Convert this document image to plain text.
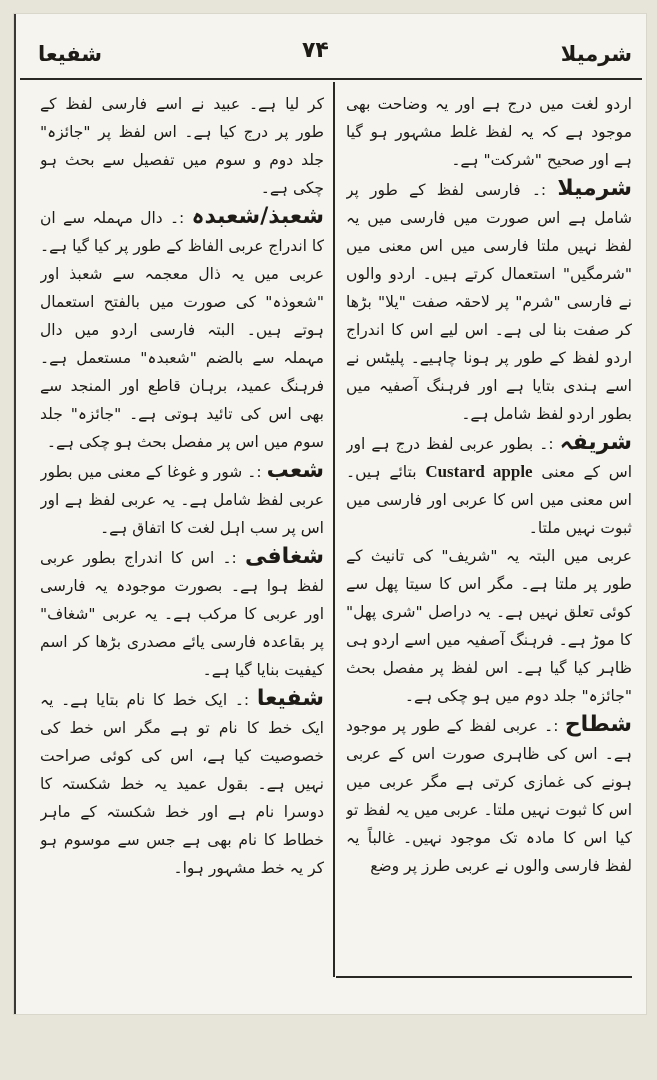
شفیعا	۷۴	شرمیلا

اردو لغت میں درج ہے اور یہ وضاحت بھی موجود ہے کہ یہ لفظ غلط مشہور ہو گیا ہے اور صحیح "شرکت" ہے۔

شرمیلا :۔ فارسی لفظ کے طور پر شامل ہے اس صورت میں فارسی میں یہ لفظ نہیں ملتا فارسی میں اس معنی میں "شرمگیں" استعمال کرتے ہیں۔ اردو والوں نے فارسی "شرم" پر لاحقہ صفت "یلا" بڑھا کر صفت بنا لی ہے۔ اس لیے اس کا اندراج اردو لفظ کے طور پر ہونا چاہیے۔ پلیٹس نے اسے ہندی بتایا ہے اور فرہنگ آصفیہ میں بطور اردو لفظ شامل ہے۔

شریفہ :۔ بطور عربی لفظ درج ہے اور اس کے معنی Custard apple بتائے ہیں۔ اس معنی میں اس کا عربی اور فارسی میں ثبوت نہیں ملتا۔

عربی میں البتہ یہ "شریف" کی تانیث کے طور پر ملتا ہے۔ مگر اس کا سیتا پھل سے کوئی تعلق نہیں ہے۔ یہ دراصل "شری پھل" کا موڑ ہے۔ فرہنگ آصفیہ میں اسے اردو ہی ظاہر کیا گیا ہے۔ اس لفظ پر مفصل بحث "جائزہ" جلد دوم میں ہو چکی ہے۔

شطاح :۔ عربی لفظ کے طور پر موجود ہے۔ اس کی ظاہری صورت اس کے عربی ہونے کی غمازی کرتی ہے مگر عربی میں اس کا ثبوت نہیں ملتا۔ عربی میں یہ لفظ تو کیا اس کا مادہ تک موجود نہیں۔ غالباً یہ لفظ فارسی والوں نے عربی طرز پر وضع

کر لیا ہے۔ عبید نے اسے فارسی لفظ کے طور پر درج کیا ہے۔ اس لفظ پر "جائزہ" جلد دوم و سوم میں تفصیل سے بحث ہو چکی ہے۔

شعبذ/شعبدہ :۔ دال مہملہ سے ان کا اندراج عربی الفاظ کے طور پر کیا گیا ہے۔ عربی میں یہ ذال معجمہ سے شعبذ اور "شعوذہ" کی صورت میں بالفتح استعمال ہوتے ہیں۔ البتہ فارسی اردو میں دال مہملہ سے بالضم "شعبدہ" مستعمل ہے۔ فرہنگ عمید، برہان قاطع اور المنجد سے بھی اس کی تائید ہوتی ہے۔ "جائزہ" جلد سوم میں اس پر مفصل بحث ہو چکی ہے۔

شعب :۔ شور و غوغا کے معنی میں بطور عربی لفظ شامل ہے۔ یہ عربی لفظ ہے اور اس پر سب اہل لغت کا اتفاق ہے۔

شغافی :۔ اس کا اندراج بطور عربی لفظ ہوا ہے۔ بصورت موجودہ یہ فارسی اور عربی کا مرکب ہے۔ یہ عربی "شغاف" پر بقاعدہ فارسی یائے مصدری بڑھا کر اسم کیفیت بنایا گیا ہے۔

شفیعا :۔ ایک خط کا نام بتایا ہے۔ یہ ایک خط کا نام تو ہے مگر اس خط کی خصوصیت کیا ہے، اس کی کوئی صراحت نہیں ہے۔ بقول عمید یہ خط شکستہ کا دوسرا نام ہے اور خط شکستہ کے ماہر خطاط کا نام بھی ہے جس سے موسوم ہو کر یہ خط مشہور ہوا۔
